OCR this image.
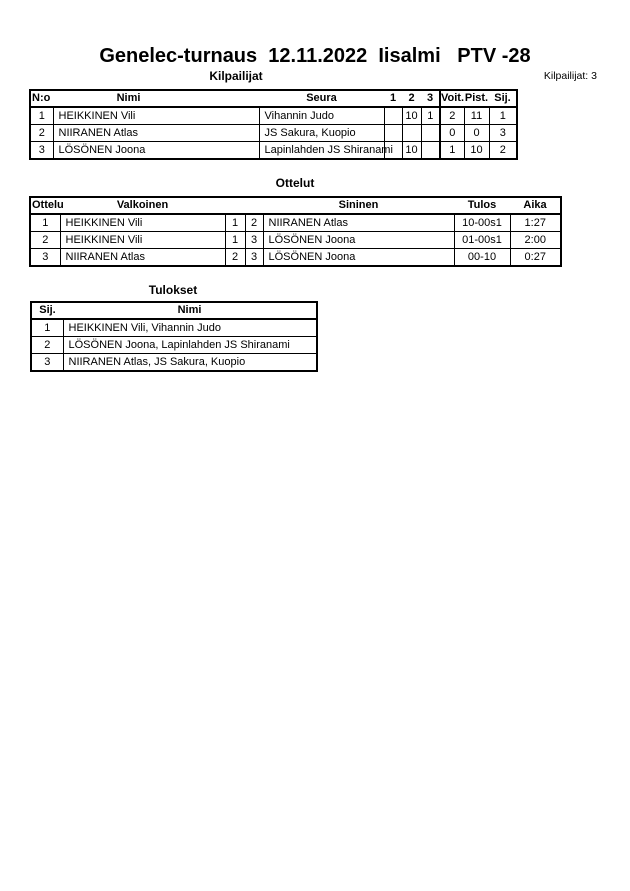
Genelec-turnaus  12.11.2022  Iisalmi   PTV -28
Kilpailijat	Kilpailijat: 3
N:o	Nimi	Seura	1	2	3	Voit.	Pist.	Sij.
1	HEIKKINEN Vili	Vihannin Judo		10	1	2	11	1
2	NIIRANEN Atlas	JS Sakura, Kuopio				0	0	3
3	LÖSÖNEN Joona	Lapinlahden JS Shiranami		10		1	10	2
Ottelut
Ottelu	Valkoinen			Sininen	Tulos	Aika
1	HEIKKINEN Vili	1	2	NIIRANEN Atlas	10-00s1	1:27
2	HEIKKINEN Vili	1	3	LÖSÖNEN Joona	01-00s1	2:00
3	NIIRANEN Atlas	2	3	LÖSÖNEN Joona	00-10	0:27
Tulokset
Sij.	Nimi
1	HEIKKINEN Vili, Vihannin Judo
2	LÖSÖNEN Joona, Lapinlahden JS Shiranami
3	NIIRANEN Atlas, JS Sakura, Kuopio
